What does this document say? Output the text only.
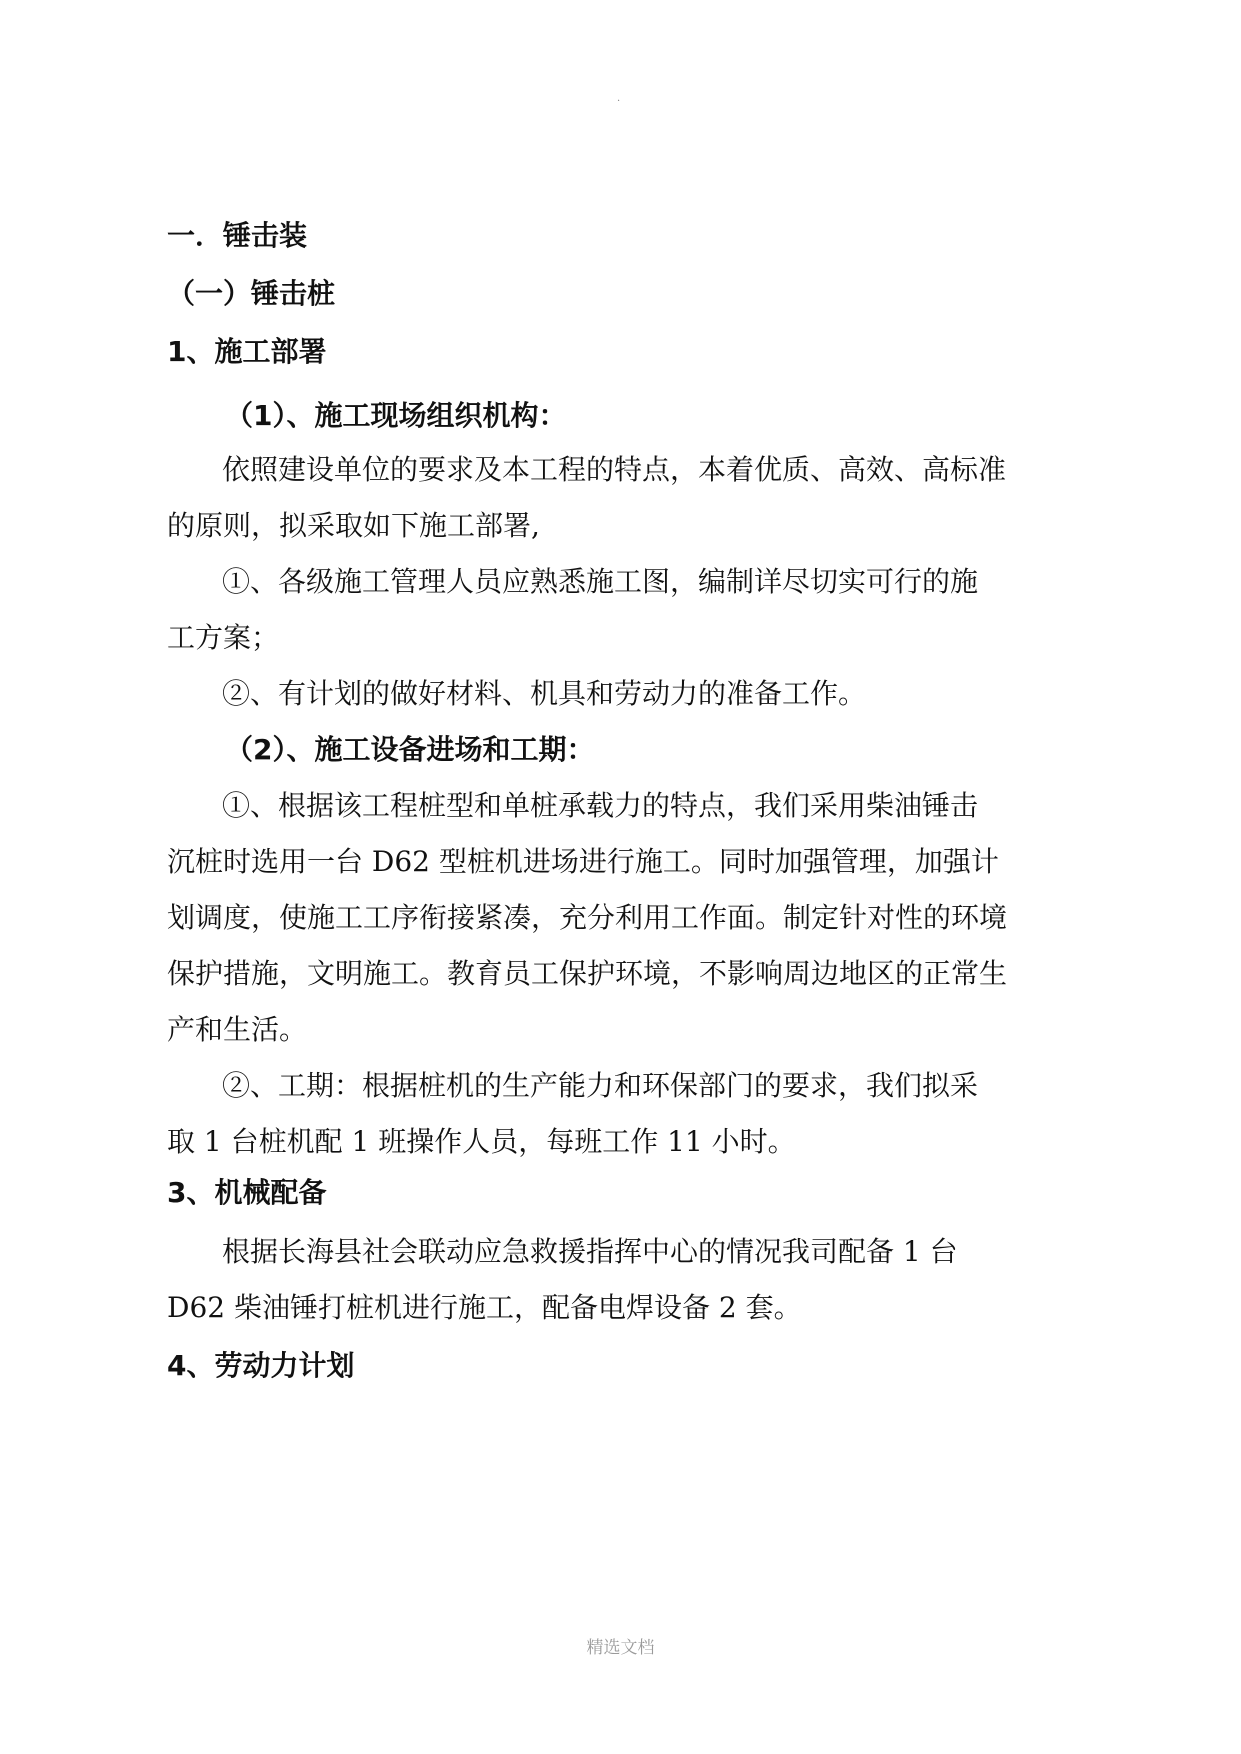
·
一．锤击装
（一）锤击桩
1、施工部署
（1）、施工现场组织机构：
依照建设单位的要求及本工程的特点，本着优质、高效、高标准
的原则，拟采取如下施工部署,
①、各级施工管理人员应熟悉施工图，编制详尽切实可行的施
工方案；
②、有计划的做好材料、机具和劳动力的准备工作。
（2）、施工设备进场和工期：
①、根据该工程桩型和单桩承载力的特点，我们采用柴油锤击
沉桩时选用一台 D62 型桩机进场进行施工。同时加强管理，加强计
划调度，使施工工序衔接紧凑，充分利用工作面。制定针对性的环境
保护措施，文明施工。教育员工保护环境，不影响周边地区的正常生
产和生活。
②、工期：根据桩机的生产能力和环保部门的要求，我们拟采
取 1 台桩机配 1 班操作人员，每班工作 11 小时。
3、机械配备
根据长海县社会联动应急救援指挥中心的情况我司配备 1 台
D62 柴油锤打桩机进行施工，配备电焊设备 2 套。
4、劳动力计划
精选文档
